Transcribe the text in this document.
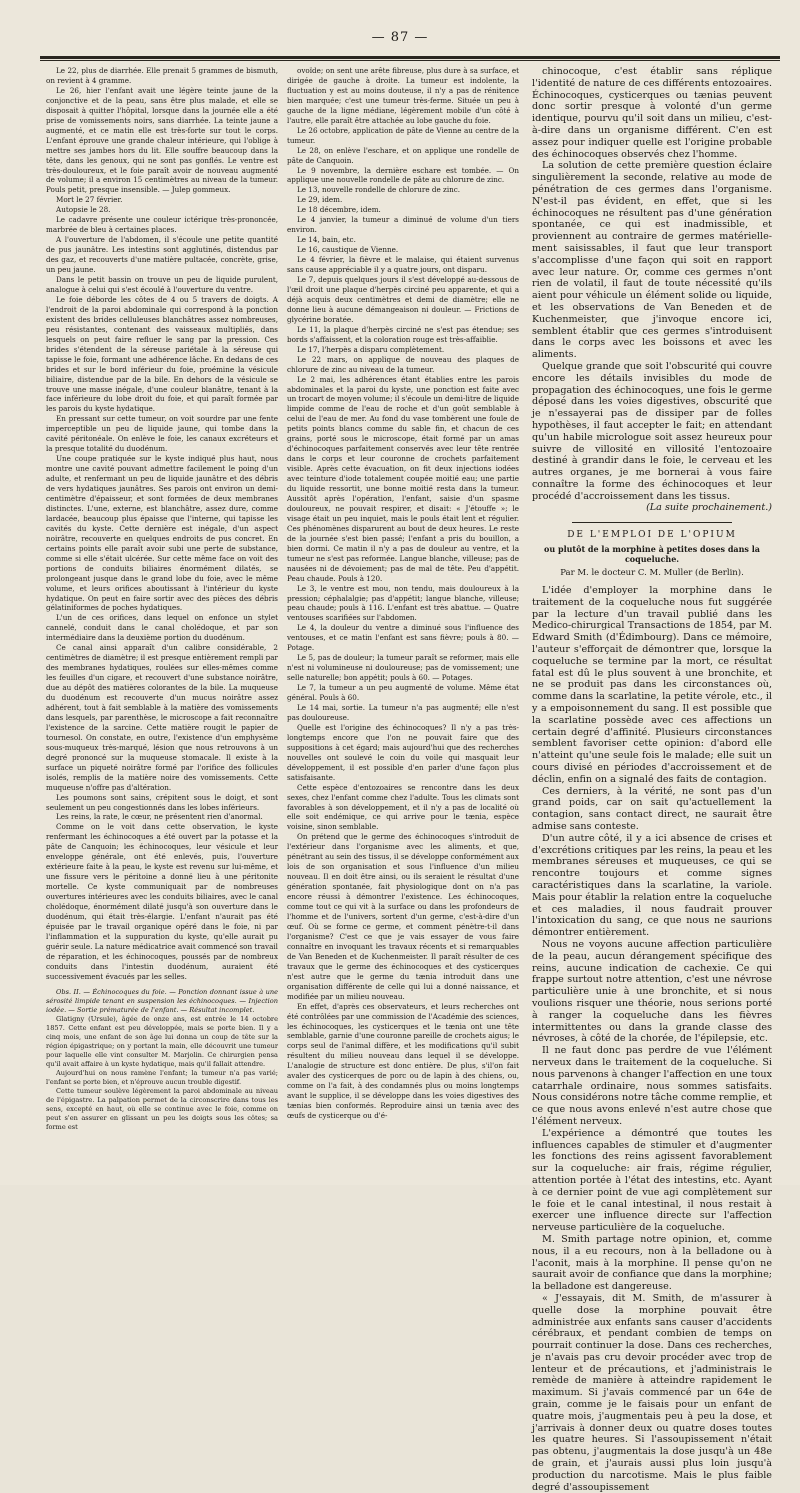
— 87 —

Le 22, plus de diarrhée. Elle prenait 5 grammes de bismuth, on revient à 4 gramme.

Le 26, hier l'enfant avait une légère teinte jaune de la conjonctive et de la peau, sans être plus malade, et elle se disposait à quitter l'hôpital, lorsque dans la journée elle a été prise de vomissements noirs, sans diarrhée. La teinte jaune a augmenté, et ce matin elle est très-forte sur tout le corps. L'enfant éprouve une grande chaleur intérieure, qui l'oblige à mettre ses jambes hors du lit. Elle souffre beaucoup dans la tête, dans les genoux, qui ne sont pas gonflés. Le ventre est très-douloureux, et le foie paraît avoir de nouveau augmenté de volume; il a environ 15 centimètres au niveau de la tumeur. Pouls petit, presque insensible. — Julep gommeux.

Mort le 27 février.

Autopsie le 28.

Le cadavre présente une couleur ictérique très-prononcée, marbrée de bleu à certaines places.

A l'ouverture de l'abdomen, il s'écoule une petite quantité de pus jaunâtre. Les intestins sont agglutinés, distendus par des gaz, et recouverts d'une matière pultacée, concrète, grise, un peu jaune.

Dans le petit bassin on trouve un peu de liquide purulent, analogue à celui qui s'est écoulé à l'ouverture du ventre.

Le foie déborde les côtes de 4 ou 5 travers de doigts. A l'endroit de la paroi abdominale qui correspond à la ponction existent des brides celluleuses blanchâtres assez nombreuses, peu résistantes, contenant des vaisseaux multipliés, dans lesquels on peut faire refluer le sang par la pression. Ces brides s'étendent de la séreuse pariétale à la séreuse qui tapisse le foie, formant une adhérence lâche. En dedans de ces brides et sur le bord inférieur du foie, proémine la vésicule biliaire, distendue par de la bile. En dehors de la vésicule se trouve une masse inégale, d'une couleur blanâtre, tenant à la face inférieure du lobe droit du foie, et qui paraît formée par les parois du kyste hydatique.

En pressant sur cette tumeur, on voit sourdre par une fente imperceptible un peu de liquide jaune, qui tombe dans la cavité péritonéale. On enlève le foie, les canaux excréteurs et la presque totalité du duodénum.

Une coupe pratiquée sur le kyste indiqué plus haut, nous montre une cavité pouvant admettre facilement le poing d'un adulte, et renfermant un peu de liquide jaunâtre et des débris de vers hydatiques jaunâtres. Ses parois ont environ un demi-centimètre d'épaisseur, et sont formées de deux membranes distinctes. L'une, externe, est blanchâtre, assez dure, comme lardacée, beaucoup plus épaisse que l'interne, qui tapisse les cavités du kyste. Cette dernière est inégale, d'un aspect noirâtre, recouverte en quelques endroits de pus concret. En certains points elle paraît avoir subi une perte de substance, comme si elle s'était ulcérée. Sur cette même face on voit des portions de conduits biliaires énormément dilatés, se prolongeant jusque dans le grand lobe du foie, avec le même volume, et leurs orifices aboutissant à l'intérieur du kyste hydatique. On peut en faire sortir avec des pièces des débris gélatiniformes de poches hydatiques.

L'un de ces orifices, dans lequel on enfonce un stylet cannelé, conduit dans le canal cholédoque, et par son intermédiaire dans la deuxième portion du duodénum.

Ce canal ainsi apparaît d'un calibre considérable, 2 centimètres de diamètre; il est presque entièrement rempli par des membranes hydatiques, roulées sur elles-mêmes comme les feuilles d'un cigare, et recouvert d'une substance noirâtre, due au dépôt des matières colorantes de la bile. La muqueuse du duodénum est recouverte d'un mucus noirâtre assez adhérent, tout à fait semblable à la matière des vomissements dans lesquels, par parenthèse, le microscope a fait reconnaître l'existence de la sarcine. Cette matière rougit le papier de tournesol. On constate, en outre, l'existence d'un emphysème sous-muqueux très-marqué, lésion que nous retrouvons à un degré prononcé sur la muqueuse stomacale. Il existe à la surface un piqueté noirâtre formé par l'orifice des follicules isolés, remplis de la matière noire des vomissements. Cette muqueuse n'offre pas d'altération.

Les poumons sont sains, crépitent sous le doigt, et sont seulement un peu congestionnés dans les lobes inférieurs.

Les reins, la rate, le cœur, ne présentent rien d'anormal.

Comme on le voit dans cette observation, le kyste renfermant les échinocoques a été ouvert par la potasse et la pâte de Canquoin; les échinocoques, leur vésicule et leur enveloppe générale, ont été enlevés, puis, l'ouverture extérieure faite à la peau, le kyste est revenu sur lui-même, et une fissure vers le péritoine a donné lieu à une péritonite mortelle. Ce kyste communiquait par de nombreuses ouvertures intérieures avec les conduits biliaires, avec le canal cholédoque, énormément dilaté jusqu'à son ouverture dans le duodénum, qui était très-élargie. L'enfant n'aurait pas été épuisée par le travail organique opéré dans le foie, ni par l'inflammation et la suppuration du kyste, qu'elle aurait pu guérir seule. La nature médicatrice avait commencé son travail de réparation, et les échinocoques, poussés par de nombreux conduits dans l'intestin duodénum, auraient été successivement évacués par les selles.

Obs. II. — Échinocoques du foie. — Ponction donnant issue à une sérosité limpide tenant en suspension les échinocoques. — Injection iodée. — Sortie prématurée de l'enfant. — Résultat incomplet.

Glatigny (Ursule), âgée de onze ans, est entrée le 14 octobre 1857. Cette enfant est peu développée, mais se porte bien. Il y a cinq mois, une enfant de son âge lui donna un coup de tête sur la région épigastrique; on y portant la main, elle découvrit une tumeur pour laquelle elle vint consulter M. Marjolin. Ce chirurgien pensa qu'il avait affaire à un kyste hydatique, mais qu'il fallait attendre.

Aujourd'hui on nous ramène l'enfant; la tumeur n'a pas varié; l'enfant se porte bien, et n'éprouve aucun trouble digestif.

Cette tumeur soulève légèrement la paroi abdominale au niveau de l'épigastre. La palpation permet de la circonscrire dans tous les sens, excepté en haut, où elle se continue avec le foie, comme on peut s'en assurer en glissant un peu les doigts sous les côtes; sa forme est

ovoïde; on sent une arête fibreuse, plus dure à sa surface, et dirigée de gauche à droite. La tumeur est indolente, la fluctuation y est au moins douteuse, il n'y a pas de rénitence bien marquée; c'est une tumeur très-ferme. Située un peu à gauche de la ligne médiane, légèrement mobile d'un côté à l'autre, elle paraît être attachée au lobe gauche du foie.

Le 26 octobre, application de pâte de Vienne au centre de la tumeur.

Le 28, on enlève l'eschare, et on applique une rondelle de pâte de Canquoin.

Le 9 novembre, la dernière eschare est tombée. — On applique une nouvelle rondelle de pâte au chlorure de zinc.

Le 13, nouvelle rondelle de chlorure de zinc.

Le 29, idem.

Le 18 décembre, idem.

Le 4 janvier, la tumeur a diminué de volume d'un tiers environ.

Le 14, bain, etc.

Le 16, caustique de Vienne.

Le 4 février, la fièvre et le malaise, qui étaient survenus sans cause appréciable il y a quatre jours, ont disparu.

Le 7, depuis quelques jours il s'est développé au-dessous de l'œil droit une plaque d'herpès circiné peu apparente, et qui a déjà acquis deux centimètres et demi de diamètre; elle ne donne lieu à aucune démangeaison ni douleur. — Frictions de glycérine boratée.

Le 11, la plaque d'herpès circiné ne s'est pas étendue; ses bords s'affaissent, et la coloration rouge est très-affaiblie.

Le 17, l'herpès a disparu complètement.

Le 22 mars, on applique de nouveau des plaques de chlorure de zinc au niveau de la tumeur.

Le 2 mai, les adhérences étant établies entre les parois abdominales et la paroi du kyste, une ponction est faite avec un trocart de moyen volume; il s'écoule un demi-litre de liquide limpide comme de l'eau de roche et d'un goût semblable à celui de l'eau de mer. Au fond du vase tombèrent une foule de petits points blancs comme du sable fin, et chacun de ces grains, porté sous le microscope, était formé par un amas d'échinocoques parfaitement conservés avec leur tête rentrée dans le corps et leur couronne de crochets parfaitement visible. Après cette évacuation, on fit deux injections iodées avec teinture d'iode totalement coupée moitié eau; une partie du liquide ressortit, une bonne moitié resta dans la tumeur. Aussitôt après l'opération, l'enfant, saisie d'un spasme douloureux, ne pouvait respirer, et disait: « J'étouffe »; le visage était un peu inquiet, mais le pouls était lent et régulier. Ces phénomènes disparurent au bout de deux heures. Le reste de la journée s'est bien passé; l'enfant a pris du bouillon, a bien dormi. Ce matin il n'y a pas de douleur au ventre, et la tumeur ne s'est pas reformée. Langue blanche, villeuse; pas de nausées ni de dévoiement; pas de mal de tête. Peu d'appétit. Peau chaude. Pouls à 120.

Le 3, le ventre est mou, non tendu, mais douloureux à la pression; céphalalgie; pas d'appétit; langue blanche, villeuse; peau chaude; pouls à 116. L'enfant est très abattue. — Quatre ventouses scarifiées sur l'abdomen.

Le 4, la douleur du ventre a diminué sous l'influence des ventouses, et ce matin l'enfant est sans fièvre; pouls à 80. — Potage.

Le 5, pas de douleur; la tumeur paraît se reformer, mais elle n'est ni volumineuse ni douloureuse; pas de vomissement; une selle naturelle; bon appétit; pouls à 60. — Potages.

Le 7, la tumeur a un peu augmenté de volume. Même état général. Pouls à 60.

Le 14 mai, sortie. La tumeur n'a pas augmenté; elle n'est pas douloureuse.

Quelle est l'origine des échinocoques? Il n'y a pas très-longtemps encore que l'on ne pouvait faire que des suppositions à cet égard; mais aujourd'hui que des recherches nouvelles ont soulevé le coin du voile qui masquait leur développement, il est possible d'en parler d'une façon plus satisfaisante.

Cette espèce d'entozoaires se rencontre dans les deux sexes, chez l'enfant comme chez l'adulte. Tous les climats sont favorables à son développement, et il n'y a pas de localité où elle soit endémique, ce qui arrive pour le tænia, espèce voisine, sinon semblable.

On prétend que le germe des échinocoques s'introduit de l'extérieur dans l'organisme avec les aliments, et que, pénétrant au sein des tissus, il se développe conformément aux lois de son organisation et sous l'influence d'un milieu nouveau. Il en doit être ainsi, ou ils seraient le résultat d'une génération spontanée, fait physiologique dont on n'a pas encore réussi à démontrer l'existence. Les échinocoques, comme tout ce qui vit à la surface ou dans les profondeurs de l'homme et de l'univers, sortent d'un germe, c'est-à-dire d'un œuf. Où se forme ce germe, et comment pénètre-t-il dans l'organisme? C'est ce que je vais essayer de vous faire connaître en invoquant les travaux récents et si remarquables de Van Beneden et de Kuchenmeister. Il paraît résulter de ces travaux que le germe des échinocoques et des cysticerques n'est autre que le germe du tænia introduit dans une organisation différente de celle qui lui a donné naissance, et modifiée par un milieu nouveau.

En effet, d'après ces observateurs, et leurs recherches ont été contrôlées par une commission de l'Académie des sciences, les échinocoques, les cysticerques et le tænia ont une tête semblable, garnie d'une couronne pareille de crochets aigus; le corps seul de l'animal diffère, et les modifications qu'il subit résultent du milieu nouveau dans lequel il se développe. L'analogie de structure est donc entière. De plus, s'il'on fait avaler des cysticerques de porc ou de lapin à des chiens, ou, comme on l'a fait, à des condamnés plus ou moins longtemps avant le supplice, il se développe dans les voies digestives des tænias bien conformés. Reproduire ainsi un tænia avec des œufs de cysticerque ou d'é-

chinocoque, c'est établir sans réplique l'identité de nature de ces différents entozoaires. Échinocoques, cysticerques ou tænias peuvent donc sortir presque à volonté d'un germe identique, pourvu qu'il soit dans un milieu, c'est-à-dire dans un organisme différent. C'en est assez pour indiquer quelle est l'origine probable des échinocoques observés chez l'homme.

La solution de cette première question éclaire singulièrement la seconde, relative au mode de pénétration de ces germes dans l'organisme. N'est-il pas évident, en effet, que si les échinocoques ne résultent pas d'une génération spontanée, ce qui est inadmissible, et proviennent au contraire de germes matérielle-ment saisissables, il faut que leur transport s'accomplisse d'une façon qui soit en rapport avec leur nature. Or, comme ces germes n'ont rien de volatil, il faut de toute nécessité qu'ils aient pour véhicule un élément solide ou liquide, et les observations de Van Beneden et de Kuchenmeister, que j'invoque encore ici, semblent établir que ces germes s'introduisent dans le corps avec les boissons et avec les aliments.

Quelque grande que soit l'obscurité qui couvre encore les détails invisibles du mode de propagation des échinocoques, une fois le germe déposé dans les voies digestives, obscurité que je n'essayerai pas de dissiper par de folles hypothèses, il faut accepter le fait; en attendant qu'un habile micrologue soit assez heureux pour suivre de villosité en villosité l'entozoaire destiné à grandir dans le foie, le cerveau et les autres organes, je me bornerai à vous faire connaître la forme des échinocoques et leur procédé d'accroissement dans les tissus.

(La suite prochainement.)

DE L'EMPLOI DE L'OPIUM
ou plutôt de la morphine à petites doses dans la coqueluche.
Par M. le docteur C. M. Muller (de Berlin).

L'idée d'employer la morphine dans le traitement de la coqueluche nous fut suggérée par la lecture d'un travail publié dans les Medico-chirurgical Transactions de 1854, par M. Edward Smith (d'Édimbourg). Dans ce mémoire, l'auteur s'efforçait de démontrer que, lorsque la coqueluche se termine par la mort, ce résultat fatal est dû le plus souvent à une bronchite, et ne se produit pas dans les circonstances où, comme dans la scarlatine, la petite vérole, etc., il y a empoisonnement du sang. Il est possible que la scarlatine possède avec ces affections un certain degré d'affinité. Plusieurs circonstances semblent favoriser cette opinion: d'abord elle n'atteint qu'une seule fois le malade; elle suit un cours divisé en périodes d'accroissement et de déclin, enfin on a signalé des faits de contagion.

Ces derniers, à la vérité, ne sont pas d'un grand poids, car on sait qu'actuellement la contagion, sans contact direct, ne saurait être admise sans conteste.

D'un autre côté, il y a ici absence de crises et d'excrétions critiques par les reins, la peau et les membranes séreuses et muqueuses, ce qui se rencontre toujours et comme signes caractéristiques dans la scarlatine, la variole. Mais pour établir la relation entre la coqueluche et ces maladies, il nous faudrait prouver l'intoxication du sang, ce que nous ne saurions démontrer entièrement.

Nous ne voyons aucune affection particulière de la peau, aucun dérangement spécifique des reins, aucune indication de cachexie. Ce qui frappe surtout notre attention, c'est une névrose particulière unie à une bronchite, et si nous voulions risquer une théorie, nous serions porté à ranger la coqueluche dans les fièvres intermittentes ou dans la grande classe des névroses, à côté de la chorée, de l'épilepsie, etc.

Il ne faut donc pas perdre de vue l'élément nerveux dans le traitement de la coqueluche. Si nous parvenons à changer l'affection en une toux catarrhale ordinaire, nous sommes satisfaits. Nous considérons notre tâche comme remplie, et ce que nous avons enlevé n'est autre chose que l'élément nerveux.

L'expérience a démontré que toutes les influences capables de stimuler et d'augmenter les fonctions des reins agissent favorablement sur la coqueluche: air frais, régime régulier, attention portée à l'état des intestins, etc. Ayant à ce dernier point de vue agi complètement sur le foie et le canal intestinal, il nous restait à exercer une influence directe sur l'affection nerveuse particulière de la coqueluche.

M. Smith partage notre opinion, et, comme nous, il a eu recours, non à la belladone ou à l'aconit, mais à la morphine. Il pense qu'on ne saurait avoir de confiance que dans la morphine; la belladone est dangereuse.

« J'essayais, dit M. Smith, de m'assurer à quelle dose la morphine pouvait être administrée aux enfants sans causer d'accidents cérébraux, et pendant combien de temps on pourrait continuer la dose. Dans ces recherches, je n'avais pas cru devoir procéder avec trop de lenteur et de précautions, et j'administrais le remède de manière à atteindre rapidement le maximum. Si j'avais commencé par un 64e de grain, comme je le faisais pour un enfant de quatre mois, j'augmentais peu à peu la dose, et j'arrivais à donner deux ou quatre doses toutes les quatre heures. Si l'assoupissement n'était pas obtenu, j'augmentais la dose jusqu'à un 48e de grain, et j'aurais aussi plus loin jusqu'à production du narcotisme. Mais le plus faible degré d'assoupissement
